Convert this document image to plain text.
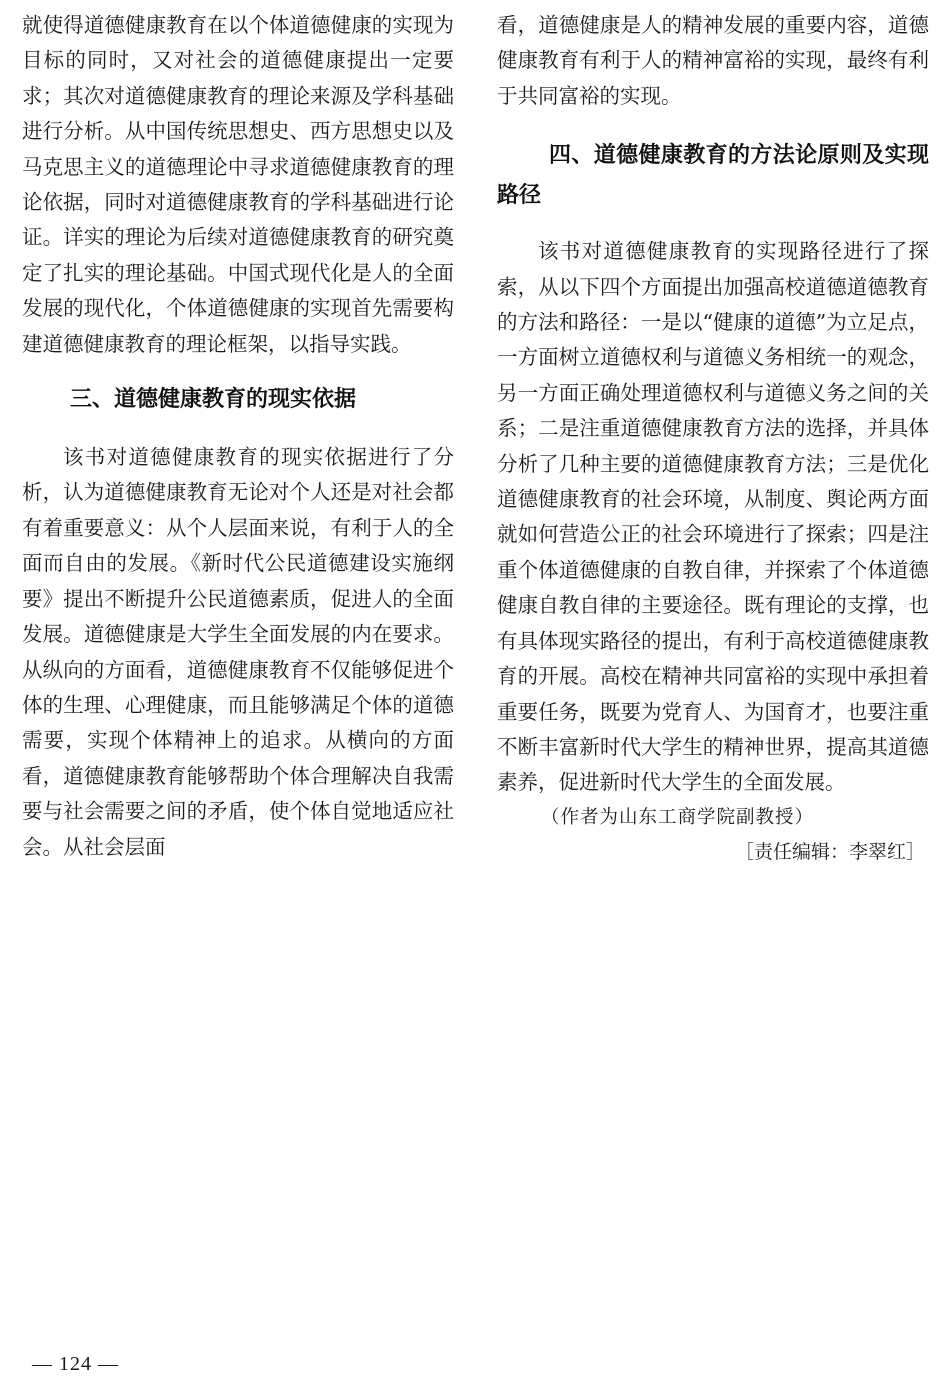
就使得道德健康教育在以个体道德健康的实现为目标的同时，又对社会的道德健康提出一定要求；其次对道德健康教育的理论来源及学科基础进行分析。从中国传统思想史、西方思想史以及马克思主义的道德理论中寻求道德健康教育的理论依据，同时对道德健康教育的学科基础进行论证。详实的理论为后续对道德健康教育的研究奠定了扎实的理论基础。中国式现代化是人的全面发展的现代化，个体道德健康的实现首先需要构建道德健康教育的理论框架，以指导实践。

三、道德健康教育的现实依据

该书对道德健康教育的现实依据进行了分析，认为道德健康教育无论对个人还是对社会都有着重要意义：从个人层面来说，有利于人的全面而自由的发展。《新时代公民道德建设实施纲要》提出不断提升公民道德素质，促进人的全面发展。道德健康是大学生全面发展的内在要求。从纵向的方面看，道德健康教育不仅能够促进个体的生理、心理健康，而且能够满足个体的道德需要，实现个体精神上的追求。从横向的方面看，道德健康教育能够帮助个体合理解决自我需要与社会需要之间的矛盾，使个体自觉地适应社会。从社会层面

看，道德健康是人的精神发展的重要内容，道德健康教育有利于人的精神富裕的实现，最终有利于共同富裕的实现。

四、道德健康教育的方法论原则及实现路径

该书对道德健康教育的实现路径进行了探索，从以下四个方面提出加强高校道德道德教育的方法和路径：一是以“健康的道德”为立足点，一方面树立道德权利与道德义务相统一的观念，另一方面正确处理道德权利与道德义务之间的关系；二是注重道德健康教育方法的选择，并具体分析了几种主要的道德健康教育方法；三是优化道德健康教育的社会环境，从制度、舆论两方面就如何营造公正的社会环境进行了探索；四是注重个体道德健康的自教自律，并探索了个体道德健康自教自律的主要途径。既有理论的支撑，也有具体现实路径的提出，有利于高校道德健康教育的开展。高校在精神共同富裕的实现中承担着重要任务，既要为党育人、为国育才，也要注重不断丰富新时代大学生的精神世界，提高其道德素养，促进新时代大学生的全面发展。

（作者为山东工商学院副教授）

［责任编辑：李翠红］

— 124 —
